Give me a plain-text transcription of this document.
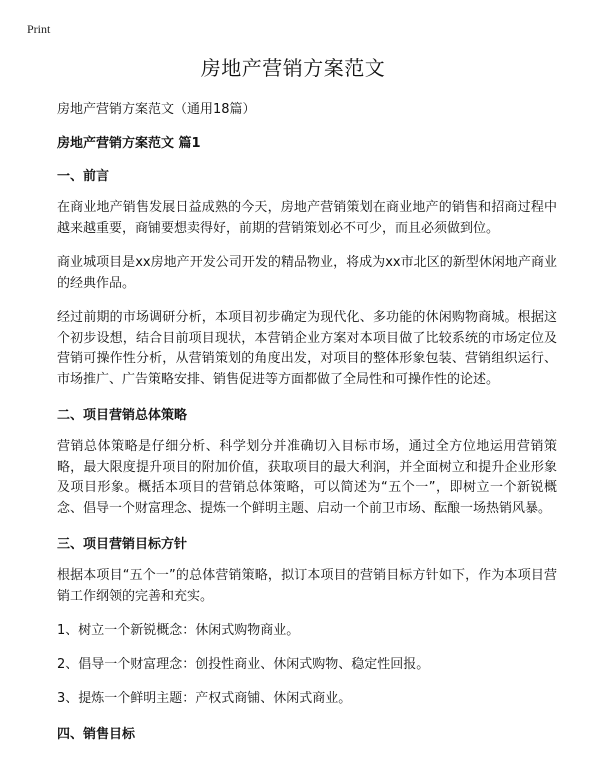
Print
房地产营销方案范文
房地产营销方案范文（通用18篇）
房地产营销方案范文 篇1
一、前言

在商业地产销售发展日益成熟的今天，房地产营销策划在商业地产的销售和招商过程中越来越重要，商铺要想卖得好，前期的营销策划必不可少，而且必须做到位。

商业城项目是xx房地产开发公司开发的精品物业，将成为xx市北区的新型休闲地产商业的经典作品。

经过前期的市场调研分析，本项目初步确定为现代化、多功能的休闲购物商城。根据这个初步设想，结合目前项目现状，本营销企业方案对本项目做了比较系统的市场定位及营销可操作性分析，从营销策划的角度出发，对项目的整体形象包装、营销组织运行、市场推广、广告策略安排、销售促进等方面都做了全局性和可操作性的论述。

二、项目营销总体策略

营销总体策略是仔细分析、科学划分并准确切入目标市场，通过全方位地运用营销策略，最大限度提升项目的附加价值，获取项目的最大利润，并全面树立和提升企业形象及项目形象。概括本项目的营销总体策略，可以简述为“五个一”，即树立一个新锐概念、倡导一个财富理念、提炼一个鲜明主题、启动一个前卫市场、酝酿一场热销风暴。

三、项目营销目标方针

根据本项目“五个一”的总体营销策略，拟订本项目的营销目标方针如下，作为本项目营销工作纲领的完善和充实。

1、树立一个新锐概念：休闲式购物商业。
2、倡导一个财富理念：创投性商业、休闲式购物、稳定性回报。
3、提炼一个鲜明主题：产权式商铺、休闲式商业。
四、销售目标
